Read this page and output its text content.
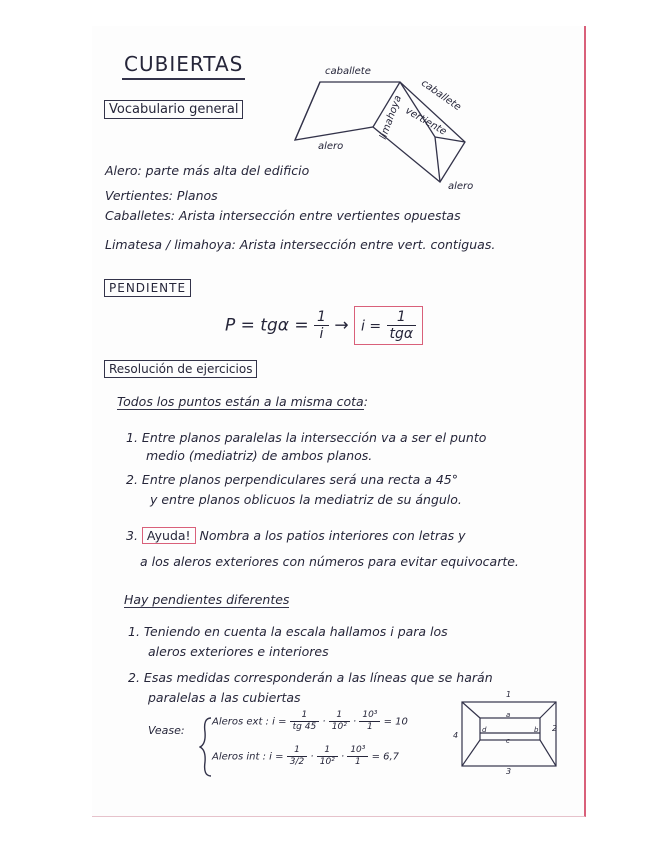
CUBIERTAS
Vocabulario general
caballete
caballete
limahoya vertiente
alero
alero
Alero: parte más alta del edificio
Vertientes: Planos
Caballetes: Arista intersección entre vertientes opuestas
Limatesa / limahoya: Arista intersección entre vert. contiguas.
PENDIENTE
$P = tg\alpha = \frac{1}{i} \to i = \frac{1}{\text{tgα}}$
Resolución de ejercicios
Todos los puntos están a la misma cota:
1. Entre planos paralelas la intersección va a ser el punto
medio (mediatriz) de ambos planos.
2. Entre planos perpendiculares será una recta a 45°
y entre planos oblicuos la mediatriz de su ángulo.
3. Ayuda! Nombra a los patios interiores con letras y
a los aleros exteriores con números para evitar equivocarte.
Hay pendientes diferentes
1. Teniendo en cuenta la escala hallamos i para los
aleros exteriores e interiores
2. Esas medidas corresponderán a las líneas que se harán
paralelas a las cubiertas
Vease:
Aleros ext : $i = \frac{1}{tg 45} \cdot \frac{1}{\text{10²}} \cdot \frac{\text{10³}}{1} = 10$
Aleros int : $i = \frac{1}{3/2} \cdot \frac{1}{\text{10²}} \cdot \frac{\text{10³}}{1} = 6,7$
1
2
3
4
a
b
c
d
